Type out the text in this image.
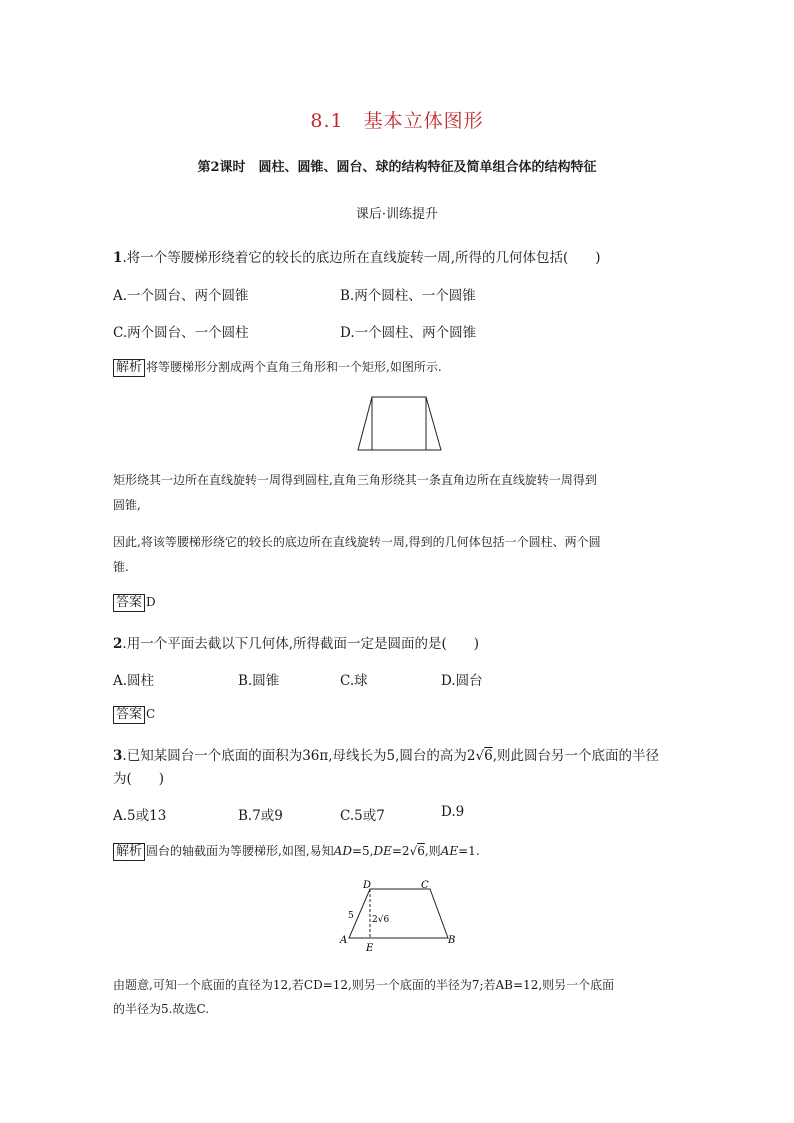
8.1　基本立体图形
第2课时　圆柱、圆锥、圆台、球的结构特征及简单组合体的结构特征
课后·训练提升
1.将一个等腰梯形绕着它的较长的底边所在直线旋转一周,所得的几何体包括(　　)
A.一个圆台、两个圆锥	B.两个圆柱、一个圆锥
C.两个圆台、一个圆柱	D.一个圆柱、两个圆锥
解析 将等腰梯形分割成两个直角三角形和一个矩形,如图所示.
矩形绕其一边所在直线旋转一周得到圆柱,直角三角形绕其一条直角边所在直线旋转一周得到
圆锥,
因此,将该等腰梯形绕它的较长的底边所在直线旋转一周,得到的几何体包括一个圆柱、两个圆
锥.
答案 D
2.用一个平面去截以下几何体,所得截面一定是圆面的是(　　)
A.圆柱	B.圆锥	C.球	D.圆台
答案 C
3.已知某圆台一个底面的面积为36π,母线长为5,圆台的高为2√6,则此圆台另一个底面的半径
为(　　)
A.5或13	B.7或9	C.5或7	D.9
解析 圆台的轴截面为等腰梯形,如图,易知AD=5,DE=2√6,则AE=1.
D	C
A	B
E
5 2√6
由题意,可知一个底面的直径为12,若CD=12,则另一个底面的半径为7;若AB=12,则另一个底面
的半径为5.故选C.
